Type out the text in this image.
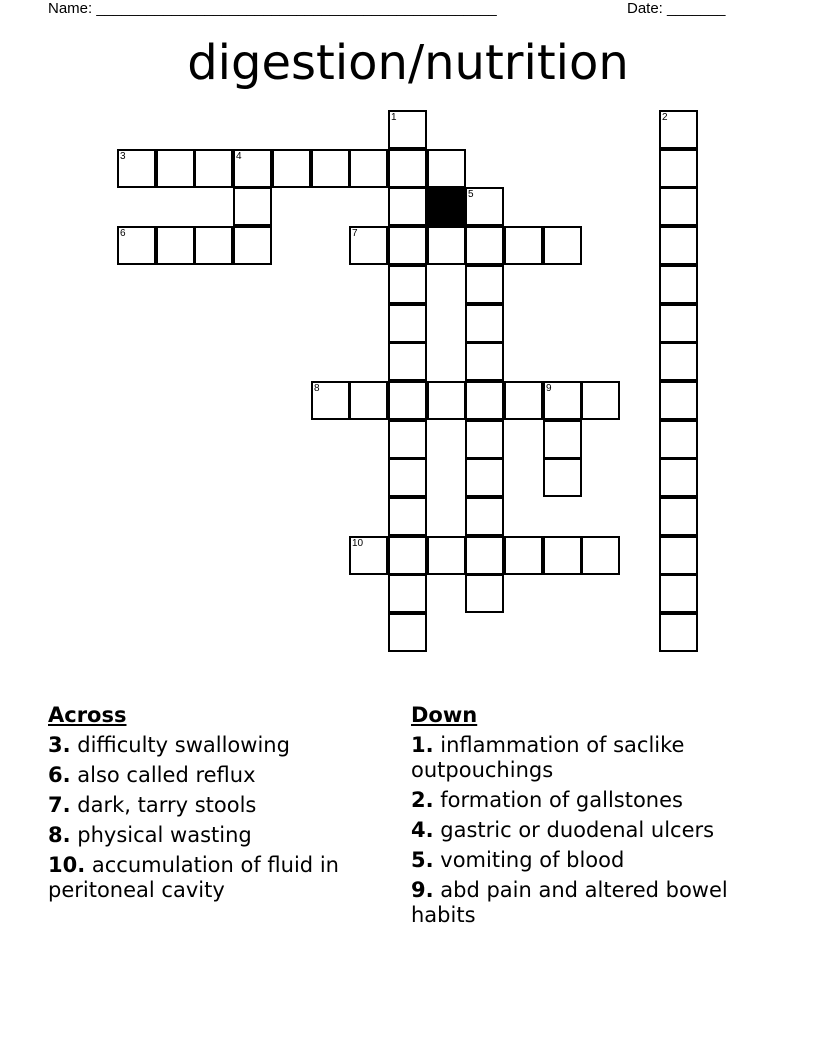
Name: ________________________________________________	Date: _______
digestion/nutrition
1	2
3	4
5
6	7
8	9
10
Across
3. difficulty swallowing
6. also called reflux
7. dark, tarry stools
8. physical wasting
10. accumulation of fluid in peritoneal cavity
Down
1. inflammation of saclike outpouchings
2. formation of gallstones
4. gastric or duodenal ulcers
5. vomiting of blood
9. abd pain and altered bowel habits
